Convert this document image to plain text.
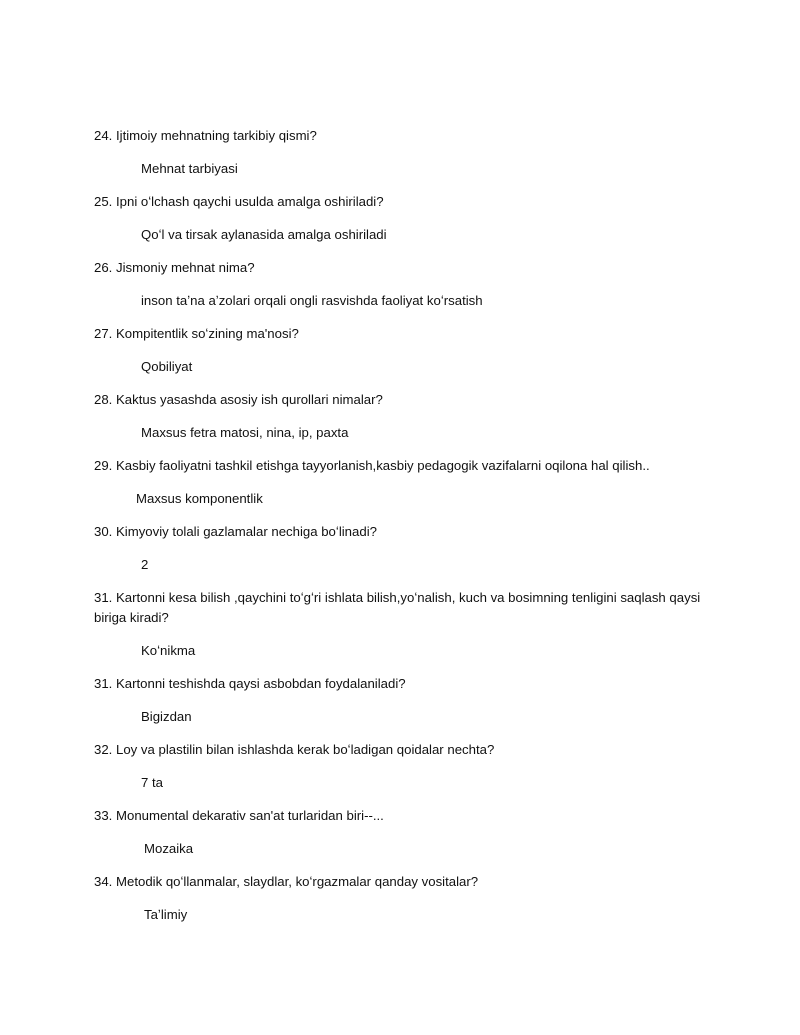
24. Ijtimoiy mehnatning tarkibiy qismi?

Mehnat tarbiyasi

25. Ipni oʻlchash qaychi usulda amalga oshiriladi?

Qoʻl va tirsak aylanasida amalga oshiriladi

26. Jismoniy mehnat nima?

inson taʼna aʼzolari orqali ongli rasvishda faoliyat koʻrsatish

27. Kompitentlik soʻzining ma'nosi?

Qobiliyat

28. Kaktus yasashda asosiy ish qurollari nimalar?

Maxsus fetra matosi, nina, ip, paxta

29. Kasbiy faoliyatni tashkil etishga tayyorlanish,kasbiy pedagogik vazifalarni oqilona hal qilish..

Maxsus komponentlik

30. Kimyoviy tolali gazlamalar nechiga boʻlinadi?

2

31. Kartonni kesa bilish ,qaychini toʻgʻri ishlata bilish,yoʻnalish, kuch va bosimning tenligini saqlash qaysi biriga kiradi?

Koʻnikma

31. Kartonni teshishda qaysi asbobdan foydalaniladi?

Bigizdan

32. Loy va plastilin bilan ishlashda kerak boʻladigan qoidalar nechta?

7 ta

33. Monumental dekarativ san'at turlaridan biri--...

Mozaika

34. Metodik qoʻllanmalar, slaydlar, koʻrgazmalar qanday vositalar?

Taʼlimiy
